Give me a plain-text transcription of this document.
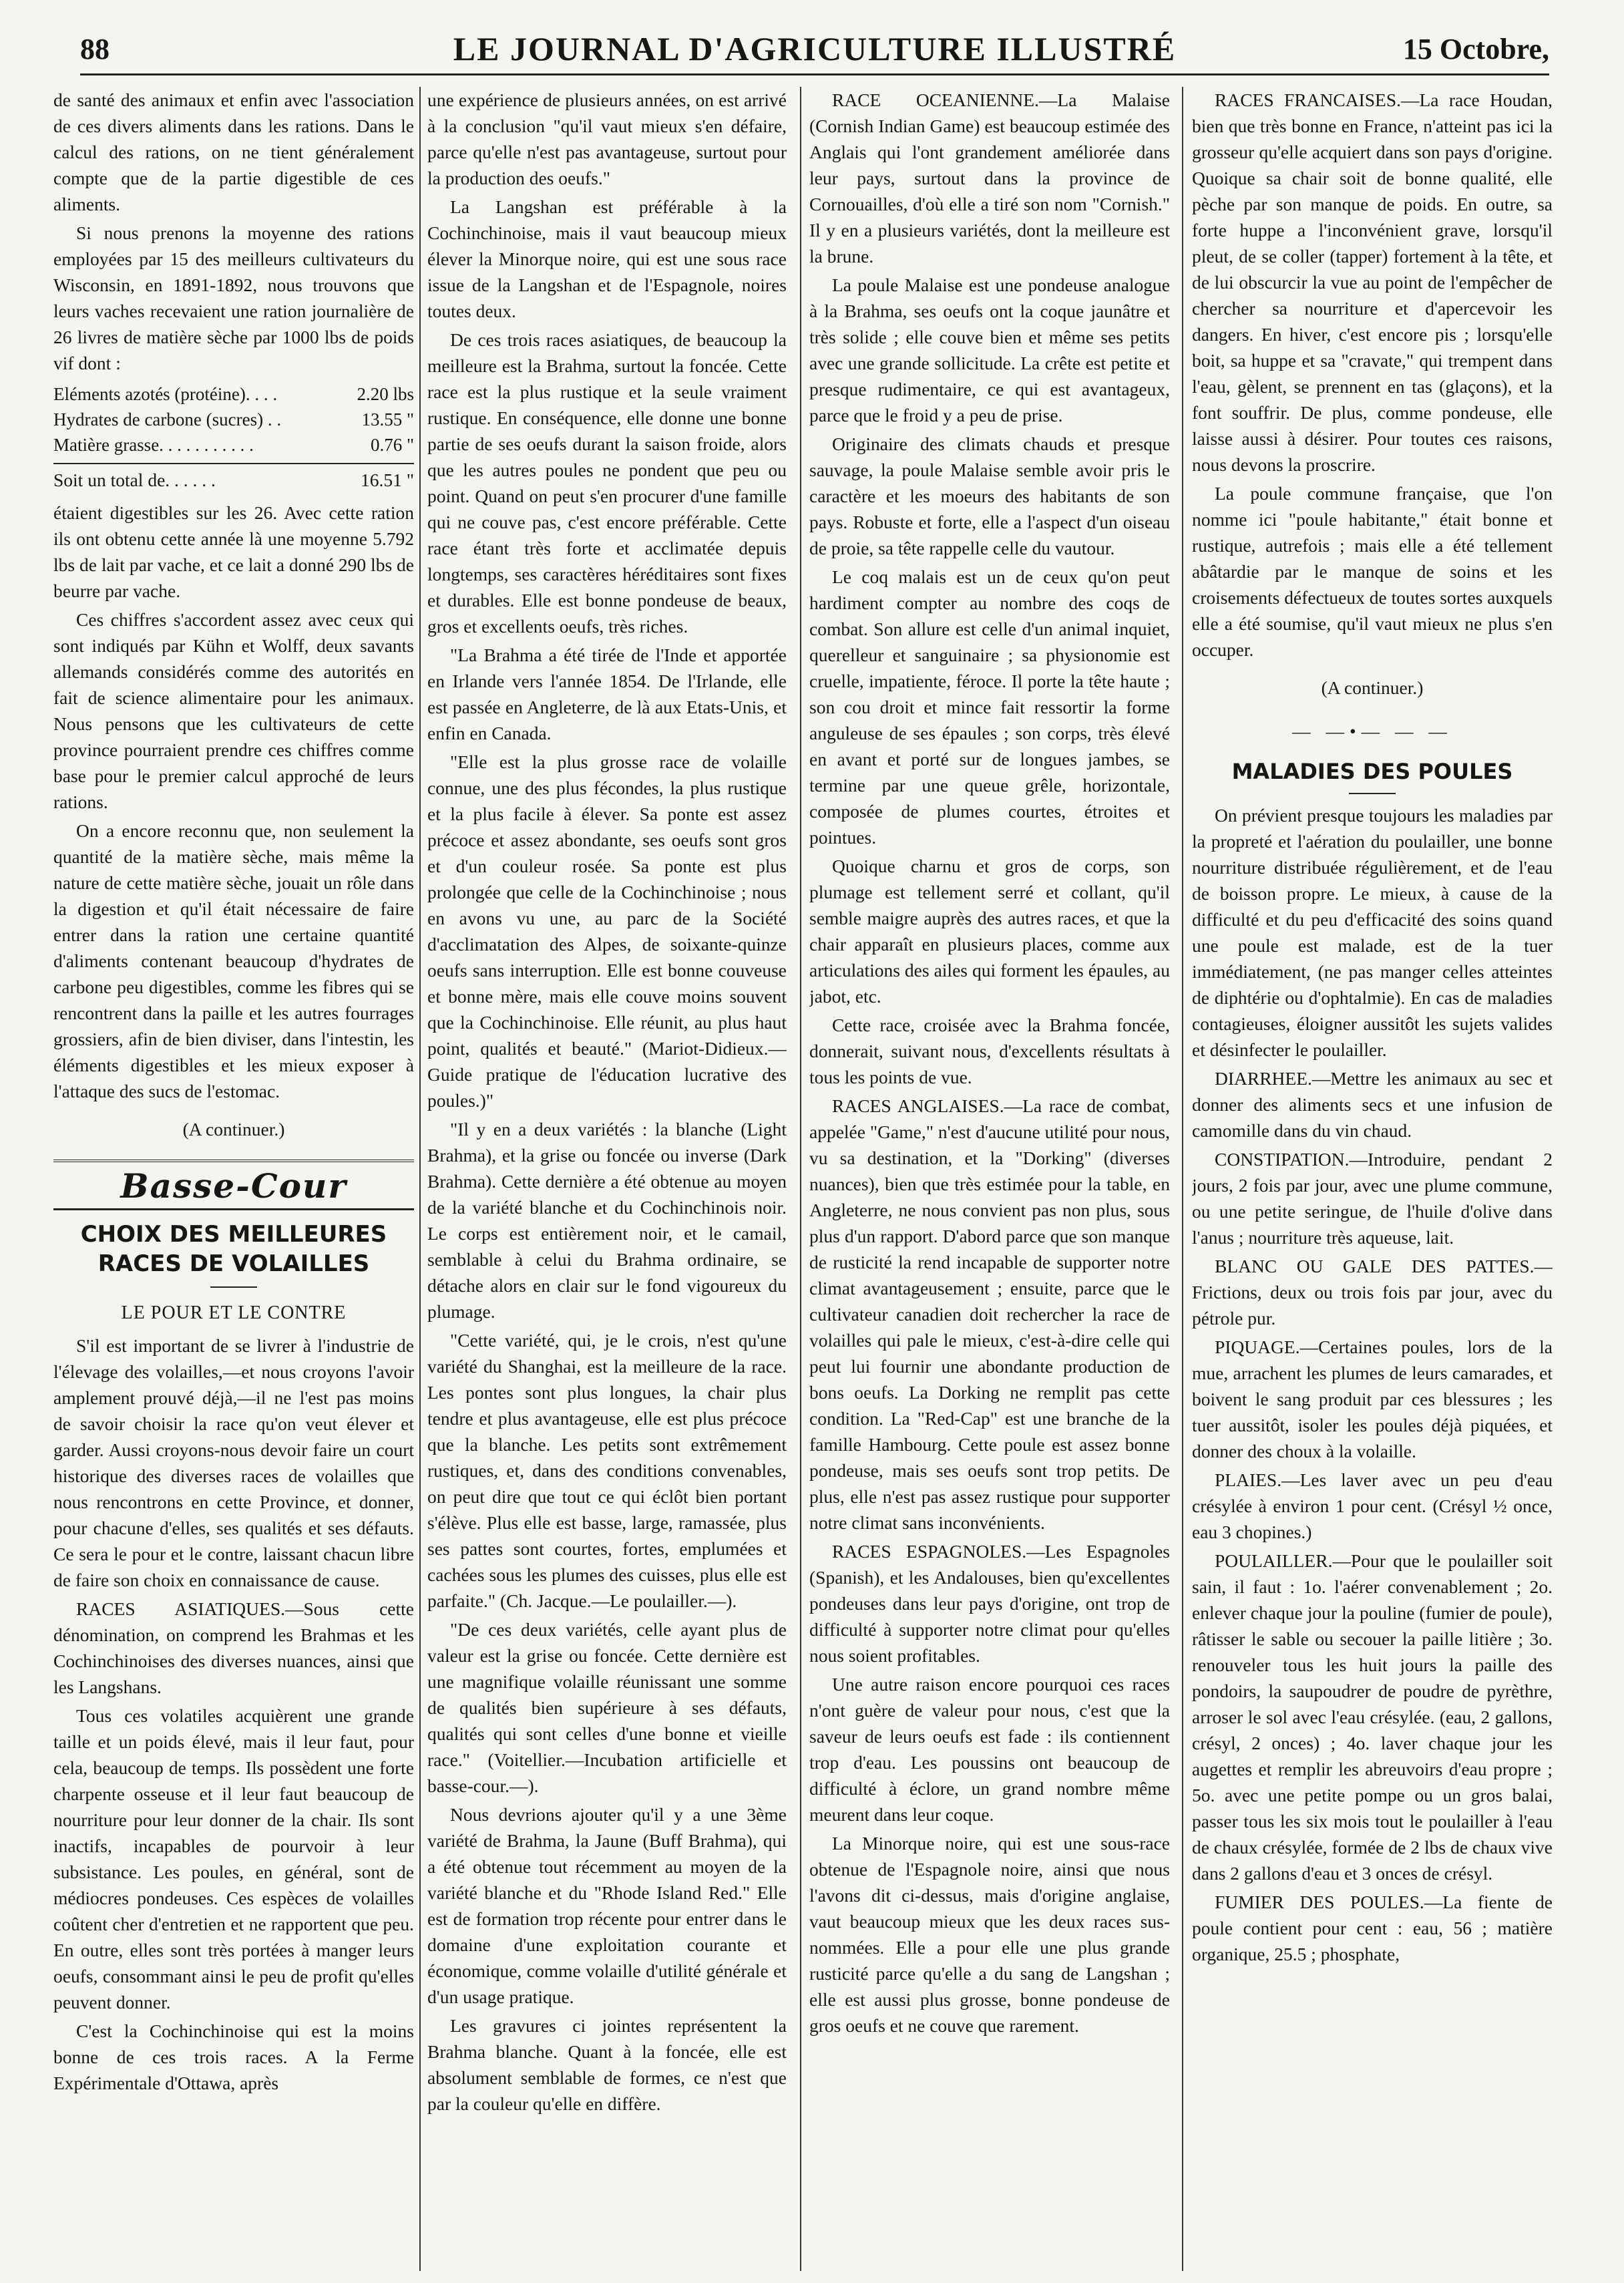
88	LE JOURNAL D'AGRICULTURE ILLUSTRÉ	15 Octobre,

de santé des animaux et enfin avec l'association de ces divers aliments dans les rations. Dans le calcul des rations, on ne tient généralement compte que de la partie digestible de ces aliments.

Si nous prenons la moyenne des rations employées par 15 des meilleurs cultivateurs du Wisconsin, en 1891-1892, nous trouvons que leurs vaches recevaient une ration journalière de 26 livres de matière sèche par 1000 lbs de poids vif dont :

Eléments azotés (protéine). . . .	2.20 lbs
Hydrates de carbone (sucres) . .	13.55 "
Matière grasse. . . . . . . . . . .	0.76 "
Soit un total de. . . . . .	16.51 "

étaient digestibles sur les 26. Avec cette ration ils ont obtenu cette année là une moyenne 5.792 lbs de lait par vache, et ce lait a donné 290 lbs de beurre par vache.

Ces chiffres s'accordent assez avec ceux qui sont indiqués par Kühn et Wolff, deux savants allemands considérés comme des autorités en fait de science alimentaire pour les animaux. Nous pensons que les cultivateurs de cette province pourraient prendre ces chiffres comme base pour le premier calcul approché de leurs rations.

On a encore reconnu que, non seulement la quantité de la matière sèche, mais même la nature de cette matière sèche, jouait un rôle dans la digestion et qu'il était nécessaire de faire entrer dans la ration une certaine quantité d'aliments contenant beaucoup d'hydrates de carbone peu digestibles, comme les fibres qui se rencontrent dans la paille et les autres fourrages grossiers, afin de bien diviser, dans l'intestin, les éléments digestibles et les mieux exposer à l'attaque des sucs de l'estomac.

(A continuer.)
Basse-Cour
CHOIX DES MEILLEURES RACES DE VOLAILLES
LE POUR ET LE CONTRE

S'il est important de se livrer à l'industrie de l'élevage des volailles,—et nous croyons l'avoir amplement prouvé déjà,—il ne l'est pas moins de savoir choisir la race qu'on veut élever et garder. Aussi croyons-nous devoir faire un court historique des diverses races de volailles que nous rencontrons en cette Province, et donner, pour chacune d'elles, ses qualités et ses défauts. Ce sera le pour et le contre, laissant chacun libre de faire son choix en connaissance de cause.

RACES ASIATIQUES.—Sous cette dénomination, on comprend les Brahmas et les Cochinchinoises des diverses nuances, ainsi que les Langshans.

Tous ces volatiles acquièrent une grande taille et un poids élevé, mais il leur faut, pour cela, beaucoup de temps. Ils possèdent une forte charpente osseuse et il leur faut beaucoup de nourriture pour leur donner de la chair. Ils sont inactifs, incapables de pourvoir à leur subsistance. Les poules, en général, sont de médiocres pondeuses. Ces espèces de volailles coûtent cher d'entretien et ne rapportent que peu. En outre, elles sont très portées à manger leurs oeufs, consommant ainsi le peu de profit qu'elles peuvent donner.

C'est la Cochinchinoise qui est la moins bonne de ces trois races. A la Ferme Expérimentale d'Ottawa, après

une expérience de plusieurs années, on est arrivé à la conclusion "qu'il vaut mieux s'en défaire, parce qu'elle n'est pas avantageuse, surtout pour la production des oeufs."

La Langshan est préférable à la Cochinchinoise, mais il vaut beaucoup mieux élever la Minorque noire, qui est une sous race issue de la Langshan et de l'Espagnole, noires toutes deux.

De ces trois races asiatiques, de beaucoup la meilleure est la Brahma, surtout la foncée. Cette race est la plus rustique et la seule vraiment rustique. En conséquence, elle donne une bonne partie de ses oeufs durant la saison froide, alors que les autres poules ne pondent que peu ou point. Quand on peut s'en procurer d'une famille qui ne couve pas, c'est encore préférable. Cette race étant très forte et acclimatée depuis longtemps, ses caractères héréditaires sont fixes et durables. Elle est bonne pondeuse de beaux, gros et excellents oeufs, très riches.

"La Brahma a été tirée de l'Inde et apportée en Irlande vers l'année 1854. De l'Irlande, elle est passée en Angleterre, de là aux Etats-Unis, et enfin en Canada.

"Elle est la plus grosse race de volaille connue, une des plus fécondes, la plus rustique et la plus facile à élever. Sa ponte est assez précoce et assez abondante, ses oeufs sont gros et d'un couleur rosée. Sa ponte est plus prolongée que celle de la Cochinchinoise ; nous en avons vu une, au parc de la Société d'acclimatation des Alpes, de soixante-quinze oeufs sans interruption. Elle est bonne couveuse et bonne mère, mais elle couve moins souvent que la Cochinchinoise. Elle réunit, au plus haut point, qualités et beauté." (Mariot-Didieux.—Guide pratique de l'éducation lucrative des poules.)"

"Il y en a deux variétés : la blanche (Light Brahma), et la grise ou foncée ou inverse (Dark Brahma). Cette dernière a été obtenue au moyen de la variété blanche et du Cochinchinois noir. Le corps est entièrement noir, et le camail, semblable à celui du Brahma ordinaire, se détache alors en clair sur le fond vigoureux du plumage.

"Cette variété, qui, je le crois, n'est qu'une variété du Shanghai, est la meilleure de la race. Les pontes sont plus longues, la chair plus tendre et plus avantageuse, elle est plus précoce que la blanche. Les petits sont extrêmement rustiques, et, dans des conditions convenables, on peut dire que tout ce qui éclôt bien portant s'élève. Plus elle est basse, large, ramassée, plus ses pattes sont courtes, fortes, emplumées et cachées sous les plumes des cuisses, plus elle est parfaite." (Ch. Jacque.—Le poulailler.—).

"De ces deux variétés, celle ayant plus de valeur est la grise ou foncée. Cette dernière est une magnifique volaille réunissant une somme de qualités bien supérieure à ses défauts, qualités qui sont celles d'une bonne et vieille race." (Voitellier.—Incubation artificielle et basse-cour.—).

Nous devrions ajouter qu'il y a une 3ème variété de Brahma, la Jaune (Buff Brahma), qui a été obtenue tout récemment au moyen de la variété blanche et du "Rhode Island Red." Elle est de formation trop récente pour entrer dans le domaine d'une exploitation courante et économique, comme volaille d'utilité générale et d'un usage pratique.

Les gravures ci jointes représentent la Brahma blanche. Quant à la foncée, elle est absolument semblable de formes, ce n'est que par la couleur qu'elle en diffère.

RACE OCEANIENNE.—La Malaise (Cornish Indian Game) est beaucoup estimée des Anglais qui l'ont grandement améliorée dans leur pays, surtout dans la province de Cornouailles, d'où elle a tiré son nom "Cornish." Il y en a plusieurs variétés, dont la meilleure est la brune.

La poule Malaise est une pondeuse analogue à la Brahma, ses oeufs ont la coque jaunâtre et très solide ; elle couve bien et même ses petits avec une grande sollicitude. La crête est petite et presque rudimentaire, ce qui est avantageux, parce que le froid y a peu de prise.

Originaire des climats chauds et presque sauvage, la poule Malaise semble avoir pris le caractère et les moeurs des habitants de son pays. Robuste et forte, elle a l'aspect d'un oiseau de proie, sa tête rappelle celle du vautour.

Le coq malais est un de ceux qu'on peut hardiment compter au nombre des coqs de combat. Son allure est celle d'un animal inquiet, querelleur et sanguinaire ; sa physionomie est cruelle, impatiente, féroce. Il porte la tête haute ; son cou droit et mince fait ressortir la forme anguleuse de ses épaules ; son corps, très élevé en avant et porté sur de longues jambes, se termine par une queue grêle, horizontale, composée de plumes courtes, étroites et pointues.

Quoique charnu et gros de corps, son plumage est tellement serré et collant, qu'il semble maigre auprès des autres races, et que la chair apparaît en plusieurs places, comme aux articulations des ailes qui forment les épaules, au jabot, etc.

Cette race, croisée avec la Brahma foncée, donnerait, suivant nous, d'excellents résultats à tous les points de vue.

RACES ANGLAISES.—La race de combat, appelée "Game," n'est d'aucune utilité pour nous, vu sa destination, et la "Dorking" (diverses nuances), bien que très estimée pour la table, en Angleterre, ne nous convient pas non plus, sous plus d'un rapport. D'abord parce que son manque de rusticité la rend incapable de supporter notre climat avantageusement ; ensuite, parce que le cultivateur canadien doit rechercher la race de volailles qui pale le mieux, c'est-à-dire celle qui peut lui fournir une abondante production de bons oeufs. La Dorking ne remplit pas cette condition. La "Red-Cap" est une branche de la famille Hambourg. Cette poule est assez bonne pondeuse, mais ses oeufs sont trop petits. De plus, elle n'est pas assez rustique pour supporter notre climat sans inconvénients.

RACES ESPAGNOLES.—Les Espagnoles (Spanish), et les Andalouses, bien qu'excellentes pondeuses dans leur pays d'origine, ont trop de difficulté à supporter notre climat pour qu'elles nous soient profitables.

Une autre raison encore pourquoi ces races n'ont guère de valeur pour nous, c'est que la saveur de leurs oeufs est fade : ils contiennent trop d'eau. Les poussins ont beaucoup de difficulté à éclore, un grand nombre même meurent dans leur coque.

La Minorque noire, qui est une sous-race obtenue de l'Espagnole noire, ainsi que nous l'avons dit ci-dessus, mais d'origine anglaise, vaut beaucoup mieux que les deux races sus-nommées. Elle a pour elle une plus grande rusticité parce qu'elle a du sang de Langshan ; elle est aussi plus grosse, bonne pondeuse de gros oeufs et ne couve que rarement.

RACES FRANCAISES.—La race Houdan, bien que très bonne en France, n'atteint pas ici la grosseur qu'elle acquiert dans son pays d'origine. Quoique sa chair soit de bonne qualité, elle pèche par son manque de poids. En outre, sa forte huppe a l'inconvénient grave, lorsqu'il pleut, de se coller (tapper) fortement à la tête, et de lui obscurcir la vue au point de l'empêcher de chercher sa nourriture et d'apercevoir les dangers. En hiver, c'est encore pis ; lorsqu'elle boit, sa huppe et sa "cravate," qui trempent dans l'eau, gèlent, se prennent en tas (glaçons), et la font souffrir. De plus, comme pondeuse, elle laisse aussi à désirer. Pour toutes ces raisons, nous devons la proscrire.

La poule commune française, que l'on nomme ici "poule habitante," était bonne et rustique, autrefois ; mais elle a été tellement abâtardie par le manque de soins et les croisements défectueux de toutes sortes auxquels elle a été soumise, qu'il vaut mieux ne plus s'en occuper.

(A continuer.)
— —•— — —
MALADIES DES POULES

On prévient presque toujours les maladies par la propreté et l'aération du poulailler, une bonne nourriture distribuée régulièrement, et de l'eau de boisson propre. Le mieux, à cause de la difficulté et du peu d'efficacité des soins quand une poule est malade, est de la tuer immédiatement, (ne pas manger celles atteintes de diphtérie ou d'ophtalmie). En cas de maladies contagieuses, éloigner aussitôt les sujets valides et désinfecter le poulailler.

DIARRHEE.—Mettre les animaux au sec et donner des aliments secs et une infusion de camomille dans du vin chaud.

CONSTIPATION.—Introduire, pendant 2 jours, 2 fois par jour, avec une plume commune, ou une petite seringue, de l'huile d'olive dans l'anus ; nourriture très aqueuse, lait.

BLANC OU GALE DES PATTES.—Frictions, deux ou trois fois par jour, avec du pétrole pur.

PIQUAGE.—Certaines poules, lors de la mue, arrachent les plumes de leurs camarades, et boivent le sang produit par ces blessures ; les tuer aussitôt, isoler les poules déjà piquées, et donner des choux à la volaille.

PLAIES.—Les laver avec un peu d'eau crésylée à environ 1 pour cent. (Crésyl ½ once, eau 3 chopines.)

POULAILLER.—Pour que le poulailler soit sain, il faut : 1o. l'aérer convenablement ; 2o. enlever chaque jour la pouline (fumier de poule), râtisser le sable ou secouer la paille litière ; 3o. renouveler tous les huit jours la paille des pondoirs, la saupoudrer de poudre de pyrèthre, arroser le sol avec l'eau crésylée. (eau, 2 gallons, crésyl, 2 onces) ; 4o. laver chaque jour les augettes et remplir les abreuvoirs d'eau propre ; 5o. avec une petite pompe ou un gros balai, passer tous les six mois tout le poulailler à l'eau de chaux crésylée, formée de 2 lbs de chaux vive dans 2 gallons d'eau et 3 onces de crésyl.

FUMIER DES POULES.—La fiente de poule contient pour cent : eau, 56 ; matière organique, 25.5 ; phosphate,
